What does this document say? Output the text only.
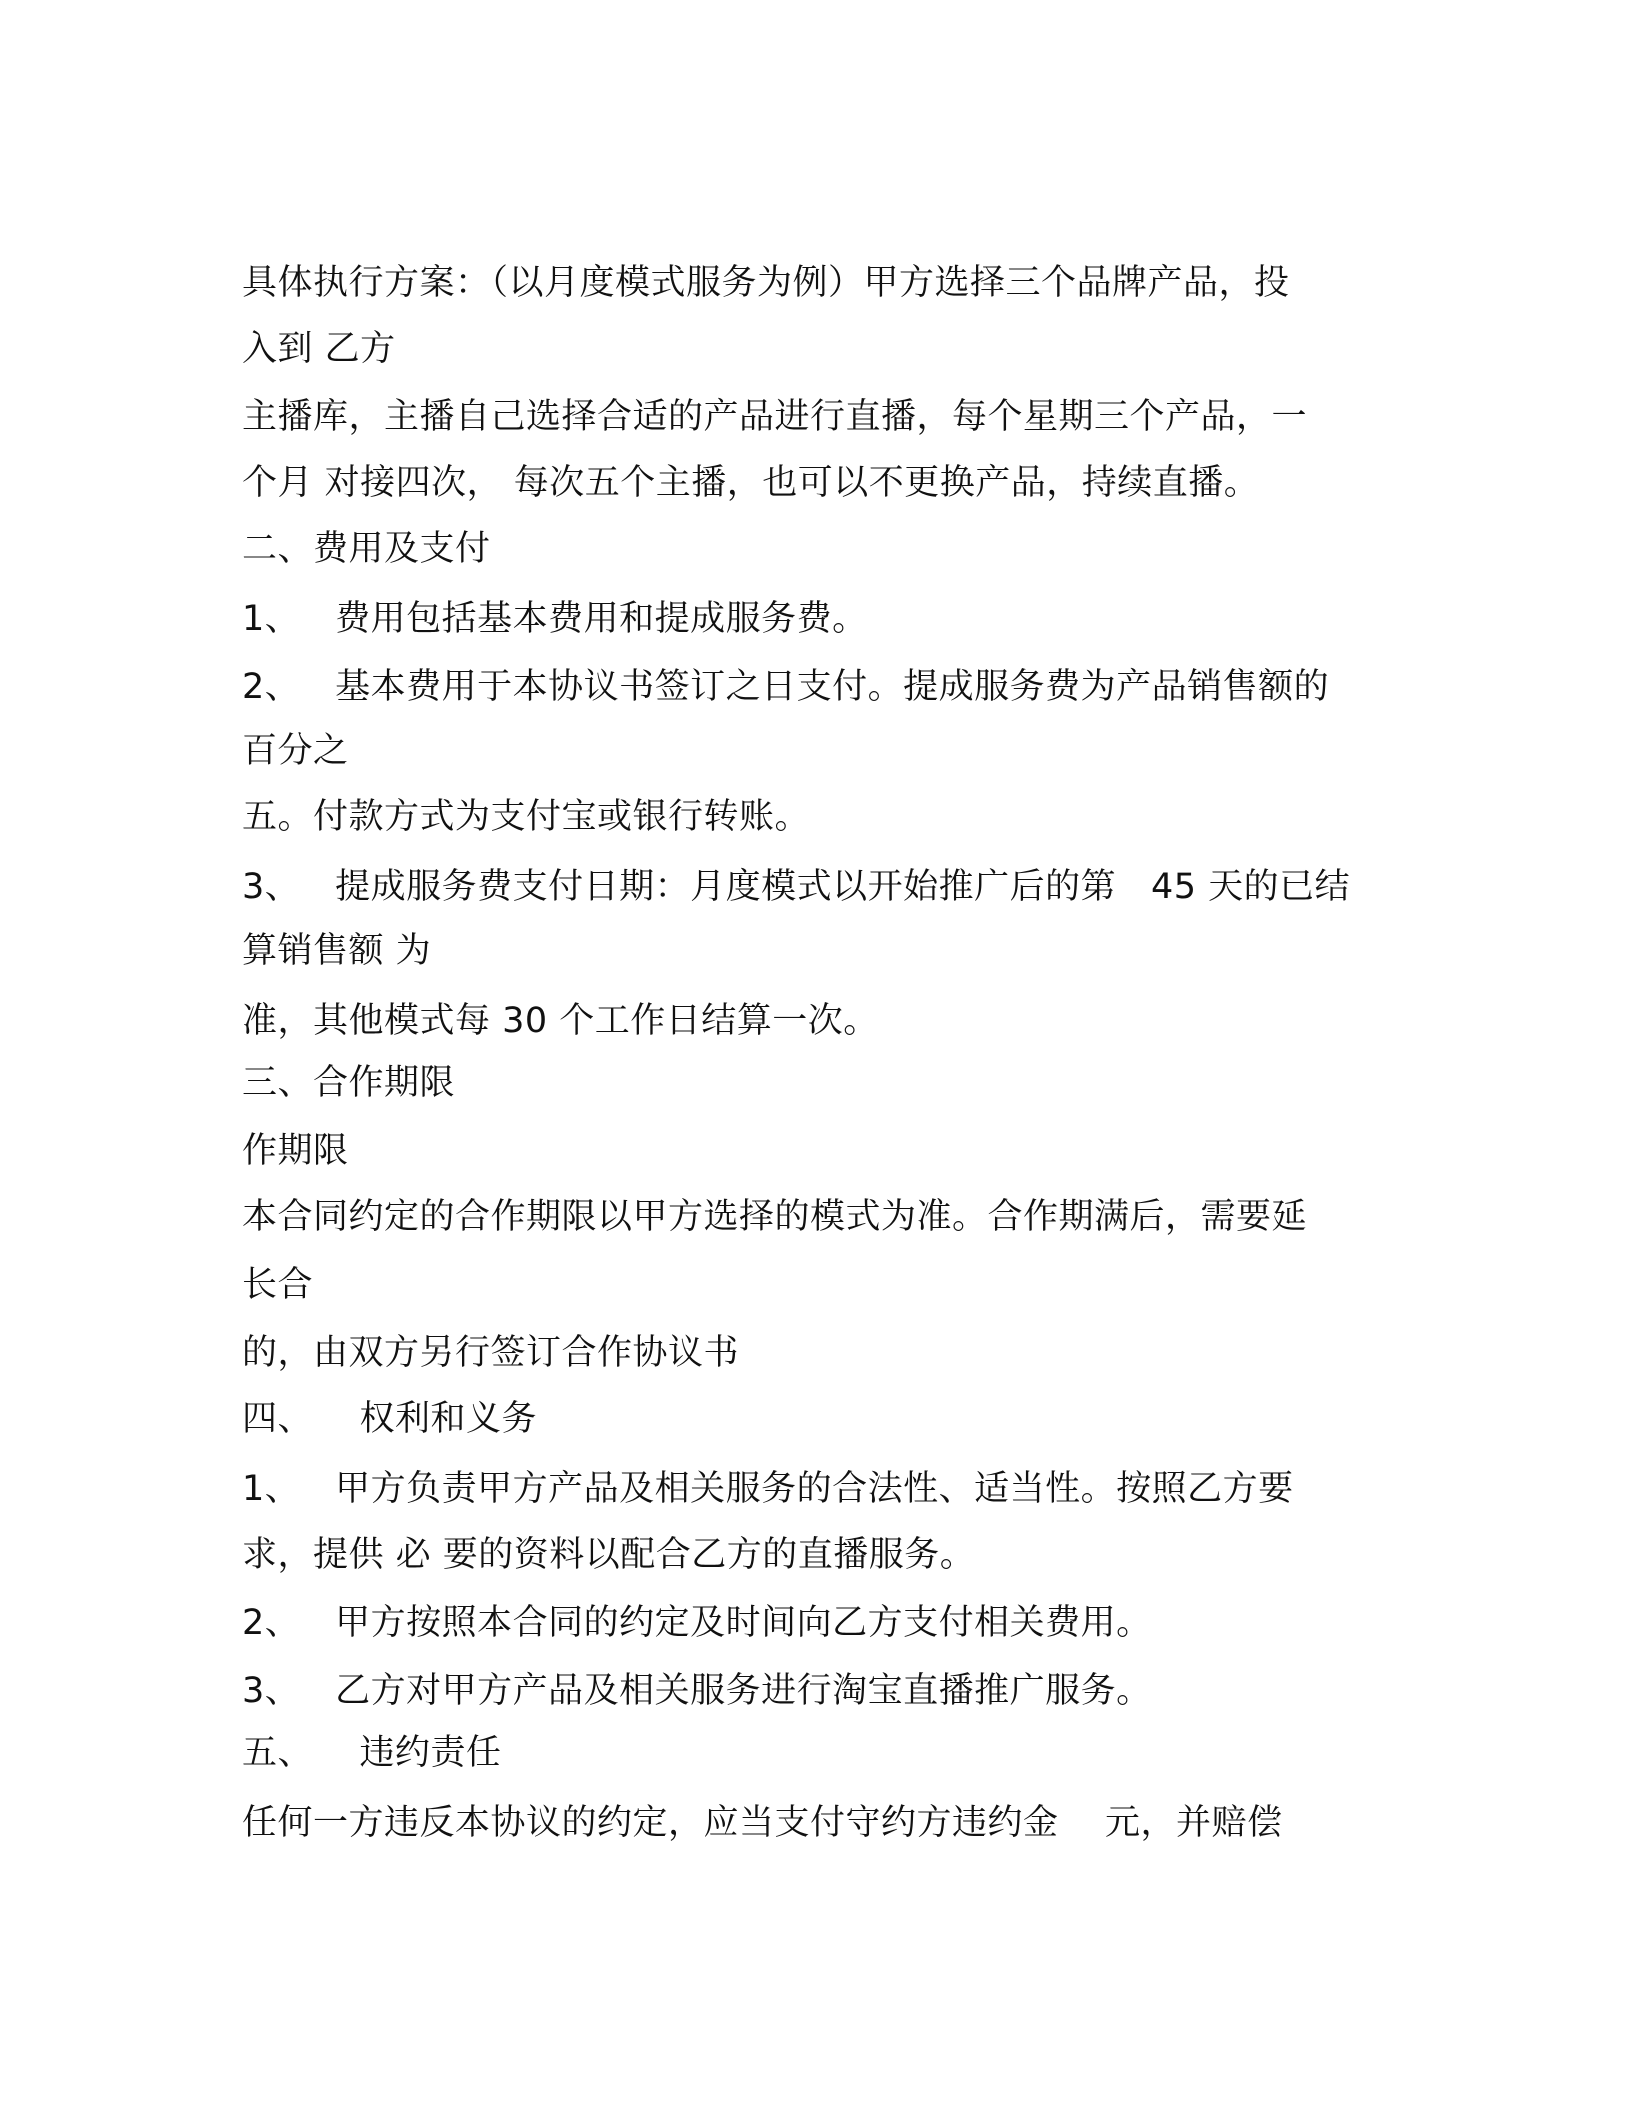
具体执行方案：（以月度模式服务为例）甲方选择三个品牌产品，投
入到 乙方
主播库，主播自己选择合适的产品进行直播，每个星期三个产品，一
个月 对接四次， 每次五个主播，也可以不更换产品，持续直播。
二、费用及支付
1、   费用包括基本费用和提成服务费。
2、   基本费用于本协议书签订之日支付。提成服务费为产品销售额的
百分之
五。付款方式为支付宝或银行转账。
3、   提成服务费支付日期：月度模式以开始推广后的第   45 天的已结
算销售额 为
准，其他模式每 30 个工作日结算一次。
三、合作期限
作期限
本合同约定的合作期限以甲方选择的模式为准。合作期满后，需要延
长合
的，由双方另行签订合作协议书
四、    权利和义务
1、   甲方负责甲方产品及相关服务的合法性、适当性。按照乙方要
求，提供 必 要的资料以配合乙方的直播服务。
2、   甲方按照本合同的约定及时间向乙方支付相关费用。
3、   乙方对甲方产品及相关服务进行淘宝直播推广服务。
五、    违约责任
任何一方违反本协议的约定，应当支付守约方违约金    元，并赔偿
